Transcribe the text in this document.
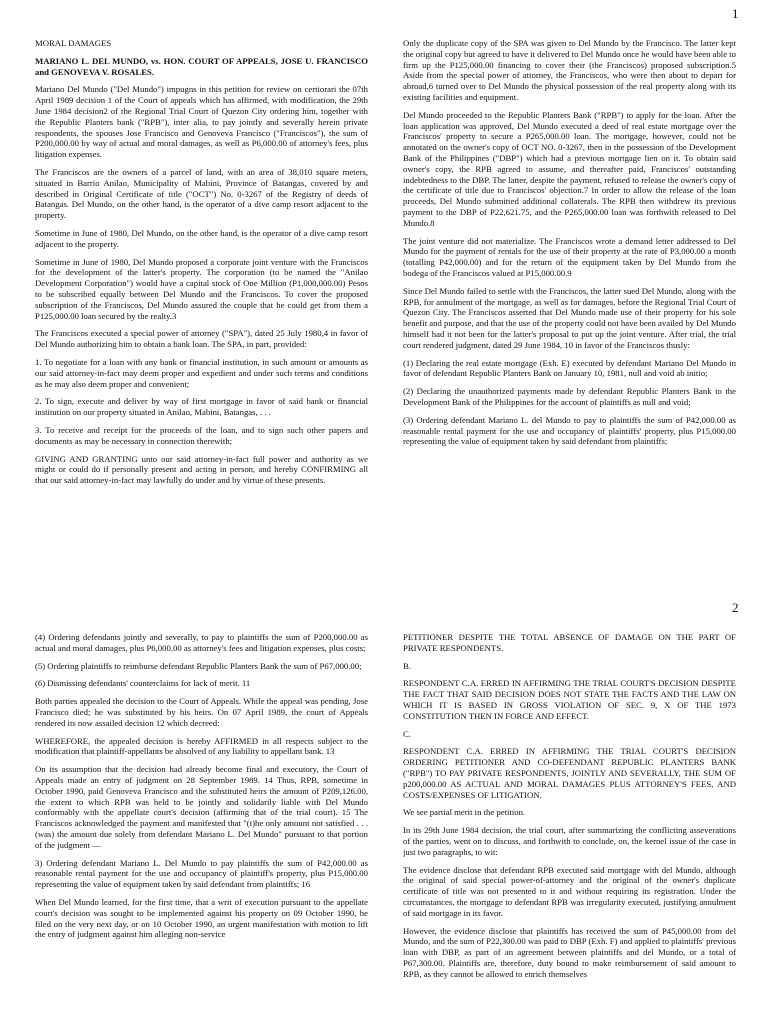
1

MORAL DAMAGES

MARIANO L. DEL MUNDO, vs. HON. COURT OF APPEALS, JOSE U. FRANCISCO and GENOVEVA V. ROSALES.

Mariano Del Mundo ("Del Mundo") impugns in this petition for review on certiorari the 07th April 1989 decision 1 of the Court of appeals which has affirmed, with modification, the 29th June 1984 decision2 of the Regional Trial Court of Quezon City ordering him, together with the Republic Planters bank ("RPB"), inter alia, to pay jointly and severally herein private respondents, the spouses Jose Francisco and Genoveva Francisco ("Franciscos"), the sum of P200,000.00 by way of actual and moral damages, as well as P6,000.00 of attorney's fees, plus litigation expenses.

The Franciscos are the owners of a parcel of land, with an area of 38,010 square meters, situated in Barrio Anilao, Municipality of Mabini, Province of Batangas, covered by and described in Original Certificate of title ("OCT") No. 0-3267 of the Registry of deeds of Batangas. Del Mundo, on the other hand, is the operator of a dive camp resort adjacent to the property.

Sometime in June of 1980, Del Mundo, on the other hand, is the operator of a dive camp resort adjacent to the property.

Sometime in June of 1980, Del Mundo proposed a corporate joint venture with the Franciscos for the development of the latter's property. The corporation (to be named the "Anilao Development Corporation") would have a capital stock of One Million (P1,000,000.00) Pesos to be subscribed equally between Del Mundo and the Franciscos. To cover the proposed subscription of the Franciscos, Del Mundo assured the couple that he could get from them a P125,000.00 loan secured by the realty.3

The Franciscos executed a special power of attorney ("SPA"), dated 25 July 1980,4 in favor of Del Mundo authorizing him to obtain a bank loan. The SPA, in part, provided:

1. To negotiate for a loan with any bank or financial institution, in such amount or amounts as our said attorney-in-fact may deem proper and expedient and under such terms and conditions as he may also deem proper and convenient;

2. To sign, execute and deliver by way of first mortgage in favor of said bank or financial institution on our property situated in Anilao, Mabini, Batangas, . . .

3. To receive and receipt for the proceeds of the loan, and to sign such other papers and documents as may be necessary in connection therewith;

GIVING AND GRANTING unto our said attorney-in-fact full power and authority as we might or could do if personally present and acting in person, and hereby CONFIRMING all that our said attorney-in-fact may lawfully do under and by virtue of these presents.

Only the duplicate copy of the SPA was given to Del Mundo by the Francisco. The latter kept the original copy but agreed to have it delivered to Del Mundo once he would have been able to firm up the P125,000.00 financing to cover their (the Franciscos) proposed subscription.5 Aside from the special power of attorney, the Franciscos, who were then about to depart for abroad,6 turned over to Del Mundo the physical possession of the real property along with its existing facilities and equipment.

Del Mundo proceeded to the Republic Planters Bank ("RPB") to apply for the loan. After the loan application was approved, Del Mundo executed a deed of real estate mortgage over the Franciscos' property to secure a P265,000.00 loan. The mortgage, however, could not be annotated on the owner's copy of OCT NO. 0-3267, then in the possession of the Development Bank of the Philippines ("DBP") which had a previous mortgage lien on it. To obtain said owner's copy, the RPB agreed to assume, and thereafter paid, Franciscos' outstanding indebtedness to the DBP. The latter, despite the payment, refused to release the owner's copy of the certificate of title due to Franciscos' objection.7 In order to allow the release of the loan proceeds, Del Mundo submitted additional collaterals. The RPB then withdrew its previous payment to the DBP of P22,621.75, and the P265,000.00 loan was forthwith released to Del Mundo.8

The joint venture did not materialize. The Franciscos wrote a demand letter addressed to Del Mundo for the payment of rentals for the use of their property at the rate of P3,000.00 a month (totalling P42,000.00) and for the return of the equipment taken by Del Mundo from the bodega of the Franciscos valued at P15,000.00.9

Since Del Mundo failed to settle with the Franciscos, the latter sued Del Mundo, along with the RPB, for annulment of the mortgage, as well as for damages, before the Regional Trial Court of Quezon City. The Franciscos asserted that Del Mundo made use of their property for his sole benefit and purpose, and that the use of the property could not have been availed by Del Mundo himself had it not been for the latter's proposal to put up the joint venture. After trial, the trial court rendered judgment, dated 29 June 1984, 10 in favor of the Franciscos thusly:

(1) Declaring the real estate mortgage (Exh. E) executed by defendant Mariano Del Mundo in favor of defendant Republic Planters Bank on January 10, 1981, null and void ab initio;

(2) Declaring the unauthorized payments made by defendant Republic Planters Bank to the Development Bank of the Philippines for the account of plaintiffs as null and void;

(3) Ordering defendant Mariano L. del Mundo to pay to plaintiffs the sum of P42,000.00 as reasonable rental payment for the use and occupancy of plaintiffs' property, plus P15,000.00 representing the value of equipment taken by said defendant from plaintiffs;

2

(4) Ordering defendants jointly and severally, to pay to plaintiffs the sum of P200,000.00 as actual and moral damages, plus P6,000.00 as attorney's fees and litigation expenses, plus costs;

(5) Ordering plaintiffs to reimburse defendant Republic Planters Bank the sum of P67,000.00;

(6) Dismissing defendants' counterclaims for lack of merit. 11

Both parties appealed the decision to the Court of Appeals. While the appeal was pending, Jose Francisco died; he was substituted by his heirs. On 07 April 1989, the court of Appeals rendered its now assailed decision 12 which decreed:

WHEREFORE, the appealed decision is hereby AFFIRMED in all respects subject to the modification that plaintiff-appellants be absolved of any liability to appellant bank. 13

On its assumption that the decision had already become final and executory, the Court of Appeals made an entry of judgment on 28 September 1989. 14 Thus, RPB, sometime in October 1990, paid Genoveva Francisco and the substituted heirs the amount of P209,126.00, the extent to which RPB was held to be jointly and solidarily liable with Del Mundo conformably with the appellate court's decision (affirming that of the trial court). 15 The Franciscos acknowledged the payment and manifested that "(t)he only amount not satisfied . . . (was) the amount due solely from defendant Mariano L. Del Mundo" pursuant to that portion of the judgment —

3) Ordering defendant Mariano L. Del Mundo to pay plaintiffs the sum of P42,000.00 as reasonable rental payment for the use and occupancy of plaintiff's property, plus P15,000.00 representing the value of equipment taken by said defendant from plaintiffs; 16

When Del Mundo learned, for the first time, that a writ of execution pursuant to the appellate court's decision was sought to be implemented against his property on 09 October 1990, he filed on the very next day, or on 10 October 1990, an urgent manifestation with motion to lift the entry of judgment against him alleging non-service

PETITIONER DESPITE THE TOTAL ABSENCE OF DAMAGE ON THE PART OF PRIVATE RESPONDENTS.

B.

RESPONDENT C.A. ERRED IN AFFIRMING THE TRIAL COURT'S DECISION DESPITE THE FACT THAT SAID DECISION DOES NOT STATE THE FACTS AND THE LAW ON WHICH IT IS BASED IN GROSS VIOLATION OF SEC. 9, X OF THE 1973 CONSTITUTION THEN IN FORCE AND EFFECT.

C.

RESPONDENT C.A. ERRED IN AFFIRMING THE TRIAL COURT'S DECISION ORDERING PETITIONER AND CO-DEFENDANT REPUBLIC PLANTERS BANK ("RPB") TO PAY PRIVATE RESPONDENTS, JOINTLY AND SEVERALLY, THE SUM OF p200,000.00 AS ACTUAL AND MORAL DAMAGES PLUS ATTORNEY'S FEES, AND COSTS/EXPENSES OF LITIGATION.

We see partial merit in the petition.

In its 29th June 1984 decision, the trial court, after summarizing the conflicting asseverations of the parties, went on to discuss, and forthwith to conclude, on, the kernel issue of the case in just two paragraphs, to wit:

The evidence disclose that defendant RPB executed said mortgage with del Mundo, although the original of said special power-of-attorney and the original of the owner's duplicate certificate of title was not presented to it and without requiring its registration. Under the circumstances, the mortgage to defendant RPB was irregularity executed, justifying annulment of said mortgage in its favor.

However, the evidence disclose that plaintiffs has received the sum of P45,000.00 from del Mundo, and the sum of P22,300.00 was paid to DBP (Exh. F) and applied to plaintiffs' previous loan with DBP, as part of an agreement between plaintiffs and del Mundo, or a total of P67,300.00. Plaintiffs are, therefore, duty bound to make reimbursement of said amount to RPB, as they cannot be allowed to enrich themselves
